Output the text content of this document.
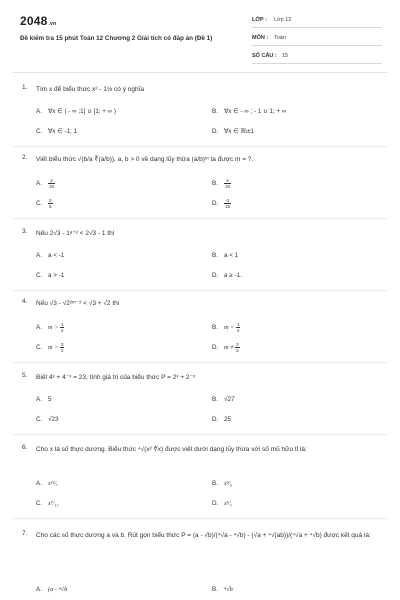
2048.vn
Đề kiểm tra 15 phút Toán 12 Chương 2 Giải tích có đáp án (Đề 1)
LỚP : Lớp 12
MÔN : Toán
SỐ CÂU : 15
1. Tìm x để biểu thức x² - 1⅓ có ý nghĩa
A. ∀x ∈ ( - ∞ ;1] ∪ [1; + ∞ )	B. ∀x ∈ - ∞ ; - 1 ∪ 1; + ∞
C. ∀x ∈ -1; 1	D. ∀x ∈ ℝ\±1
2. Viết biểu thức √(b/a ∛(a/b)), a, b > 0 về dạng lũy thừa (a/b)ᵐ ta được m = ?.
A. $\frac{2}{15}$	B. $\frac{4}{15}$
C. $\frac{2}{5}$	D. $\frac{-2}{15}$
3. Nếu 2√3 - 1ᵃ⁺² < 2√3 - 1 thì
A. a < -1	B. a < 1
C. a > -1	D. a ≥ -1.
4. Nếu √3 - √2²ᵐ⁻² < √3 + √2 thì
A. $m > \frac{1}{2}$	B. $m < \frac{1}{2}$
C. $m > \frac{3}{2}$	D. $m \ne \frac{3}{2}$
5. Biết 4ˣ + 4⁻ˣ = 23, tính giá trị của biểu thức P = 2ˣ + 2⁻ˣ
A. 5	B. √27
C. √23	D. 25
6. Cho x là số thực dương. Biểu thức ⁴√(x² ∜x) được viết dưới dạng lũy thừa với số mũ hữu tỉ là:
A. x¹²⁄₇	B. x⁵⁄₆
C. x⁷⁄₁₂	D. x⁶⁄₅
7. Cho các số thực dương a và b. Rút gọn biểu thức P = (a - √b)/(⁴√a - ⁴√b) - (√a + ⁴√(ab))/(⁴√a + ⁴√b) được kết quả là:
A. (a - ⁴√b	B. ⁴√b
